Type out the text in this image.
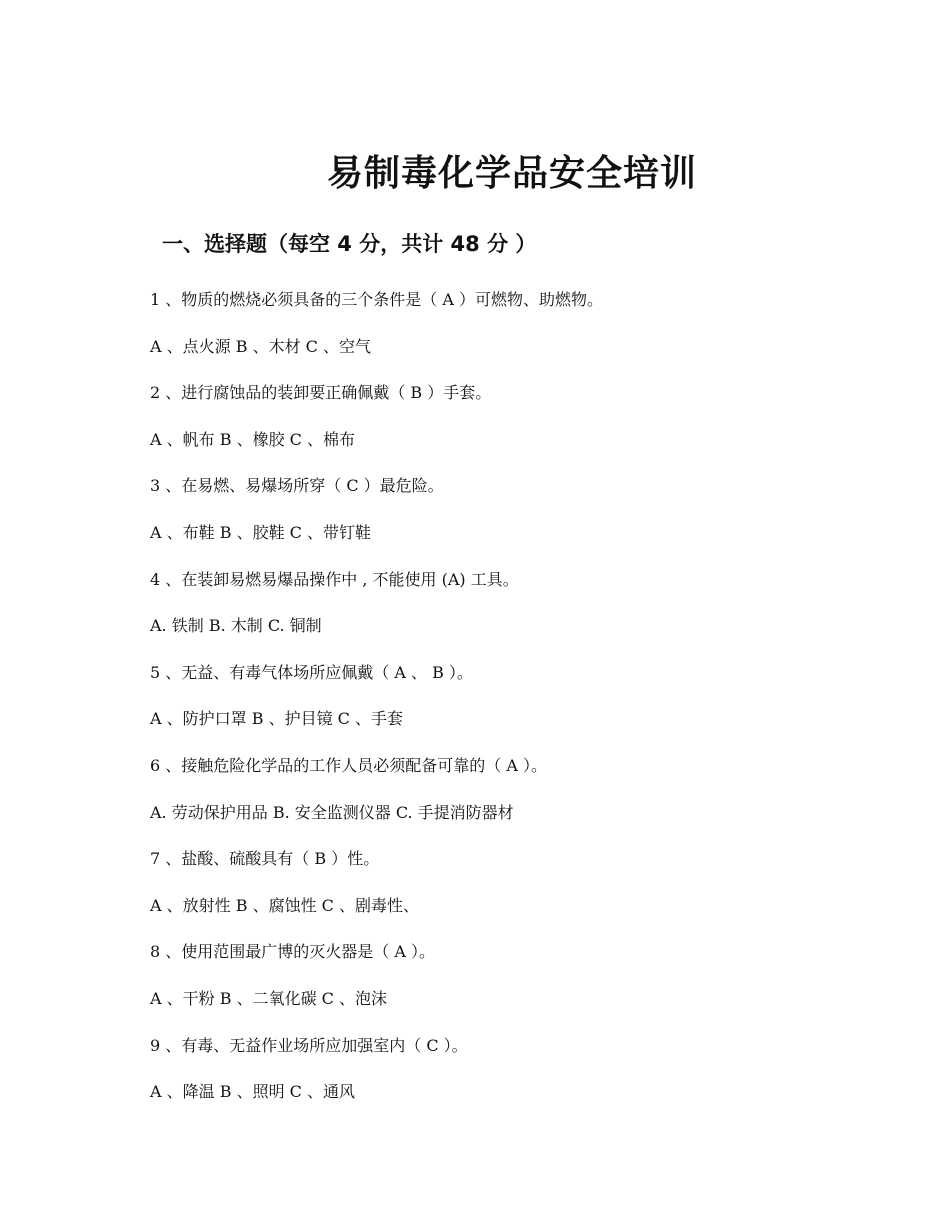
易制毒化学品安全培训
一、选择题（每空 4 分，共计 48 分 ）
1 、物质的燃烧必须具备的三个条件是（ A ）可燃物、助燃物。
A 、点火源 B 、木材 C 、空气
2 、进行腐蚀品的装卸要正确佩戴（ B ）手套。
A 、帆布 B 、橡胶 C 、棉布
3 、在易燃、易爆场所穿（ C ）最危险。
A 、布鞋 B 、胶鞋 C 、带钉鞋
4 、在装卸易燃易爆品操作中 , 不能使用 (A) 工具。
A. 铁制 B. 木制 C. 铜制
5 、无益、有毒气体场所应佩戴（ A 、 B ）。
A 、防护口罩 B 、护目镜 C 、手套
6 、接触危险化学品的工作人员必须配备可靠的（ A ）。
A. 劳动保护用品 B. 安全监测仪器 C. 手提消防器材
7 、盐酸、硫酸具有（ B ）性。
A 、放射性 B 、腐蚀性 C 、剧毒性、
8 、使用范围最广博的灭火器是（ A ）。
A 、干粉 B 、二氧化碳 C 、泡沫
9 、有毒、无益作业场所应加强室内（ C ）。
A 、降温 B 、照明 C 、通风
